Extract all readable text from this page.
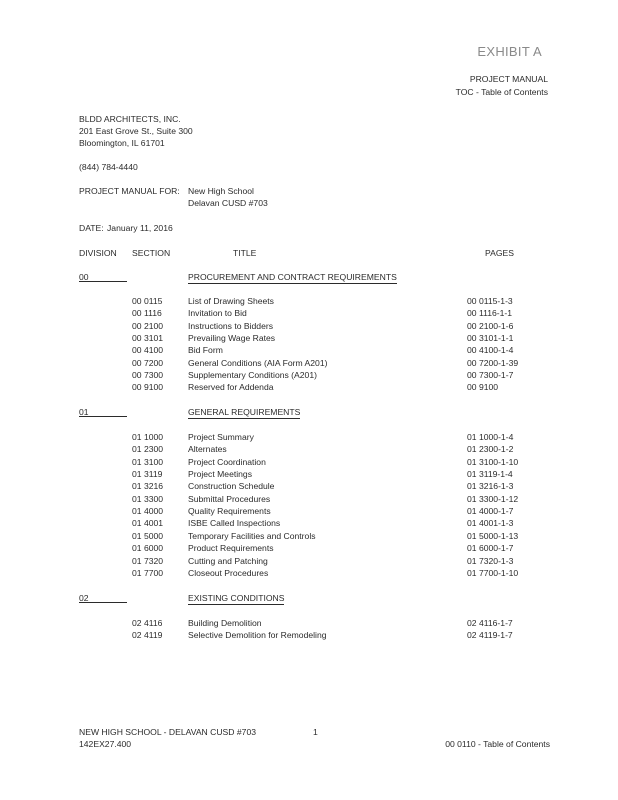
EXHIBIT A
PROJECT MANUAL
TOC - Table of Contents
BLDD ARCHITECTS, INC.
201 East Grove St., Suite 300
Bloomington, IL 61701
(844) 784-4440
PROJECT MANUAL FOR: New High School
Delavan CUSD #703
DATE: January 11, 2016
DIVISION SECTION	TITLE	PAGES
00	PROCUREMENT AND CONTRACT REQUIREMENTS
00 0115	List of Drawing Sheets	00 0115-1-3
00 1116	Invitation to Bid	00 1116-1-1
00 2100	Instructions to Bidders	00 2100-1-6
00 3101	Prevailing Wage Rates	00 3101-1-1
00 4100	Bid Form	00 4100-1-4
00 7200	General Conditions (AIA Form A201)	00 7200-1-39
00 7300	Supplementary Conditions (A201)	00 7300-1-7
00 9100	Reserved for Addenda	00 9100
01	GENERAL REQUIREMENTS
01 1000	Project Summary	01 1000-1-4
01 2300	Alternates	01 2300-1-2
01 3100	Project Coordination	01 3100-1-10
01 3119	Project Meetings	01 3119-1-4
01 3216	Construction Schedule	01 3216-1-3
01 3300	Submittal Procedures	01 3300-1-12
01 4000	Quality Requirements	01 4000-1-7
01 4001	ISBE Called Inspections	01 4001-1-3
01 5000	Temporary Facilities and Controls	01 5000-1-13
01 6000	Product Requirements	01 6000-1-7
01 7320	Cutting and Patching	01 7320-1-3
01 7700	Closeout Procedures	01 7700-1-10
02	EXISTING CONDITIONS
02 4116	Building Demolition	02 4116-1-7
02 4119	Selective Demolition for Remodeling	02 4119-1-7
NEW HIGH SCHOOL - DELAVAN CUSD #703	1
142EX27.400	00 0110 - Table of Contents
